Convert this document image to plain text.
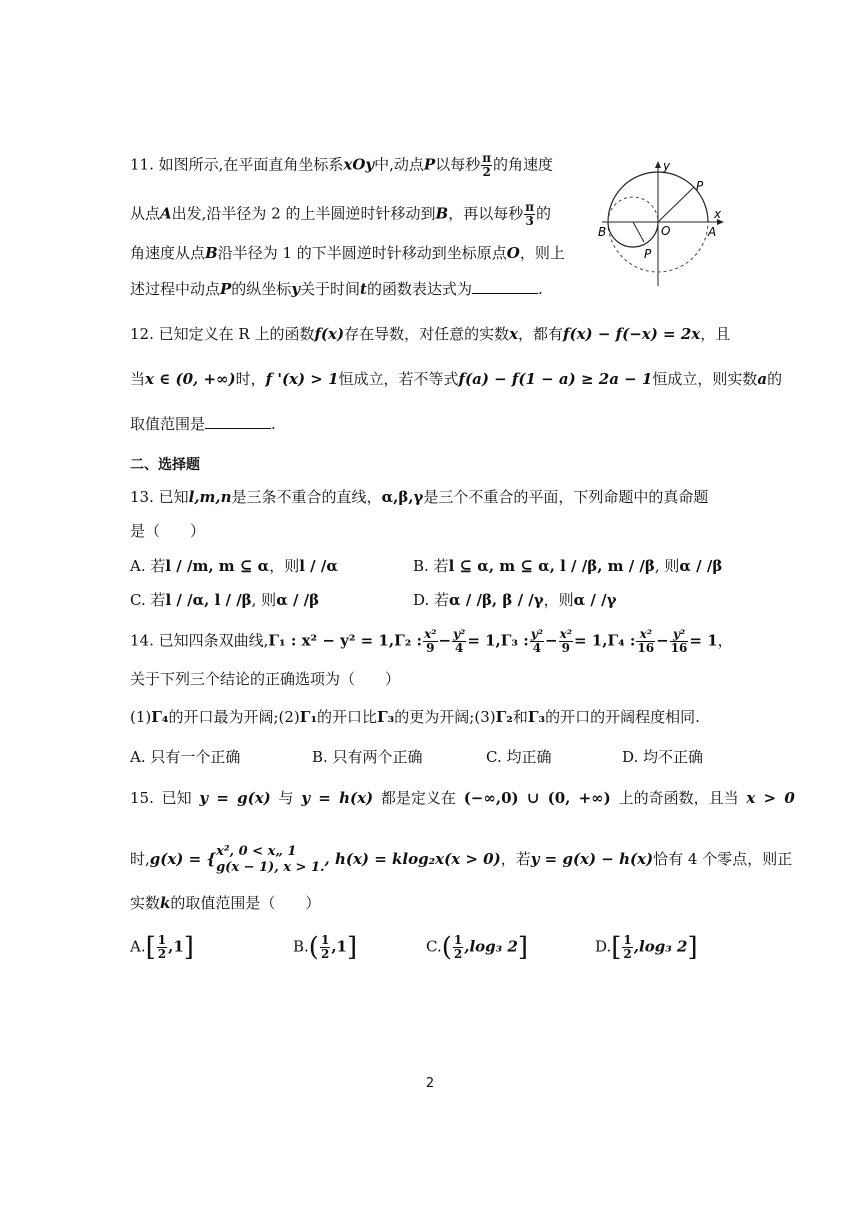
11. 如图所示,在平面直角坐标系xOy中,动点P以每秒 $\frac{\pi}{2}$ 的角速度
从点A出发,沿半径为 2 的上半圆逆时针移动到B，再以每秒 $\frac{\pi}{3}$ 的
角速度从点B沿半径为 1 的下半圆逆时针移动到坐标原点O，则上
述过程中动点P的纵坐标y关于时间t的函数表达式为	.
y
x
P
P
O	A
B
12. 已知定义在 R 上的函数f(x)存在导数，对任意的实数x，都有f(x) − f(−x) = 2x，且
当x ∈ (0, +∞)时，f '(x) > 1恒成立，若不等式f(a) − f(1 − a) ≥ 2a − 1恒成立，则实数a的
取值范围是	.
二、选择题
13. 已知l,m,n是三条不重合的直线，α,β,γ是三个不重合的平面，下列命题中的真命题
是（　　）
A. 若l / /m, m ⊆ α，则l / /α	B. 若l ⊆ α, m ⊆ α, l / /β, m / /β, 则α / /β
C. 若l / /α, l / /β, 则α / /β	D. 若α / /β, β / /γ，则α / /γ
14. 已知四条双曲线,Γ₁ : x² − y² = 1,Γ₂ : $\frac{\text{x²}}{9} - \frac{\text{y²}}{4} = 1,\Gamma_3$ : $\frac{\text{y²}}{4} - \frac{\text{x²}}{9} = 1,\Gamma_4$ : $\frac{\text{x²}}{16} - \frac{\text{y²}}{16} = 1$，
关于下列三个结论的正确选项为（　　）
(1)Γ₄的开口最为开阔;(2)Γ₁的开口比Γ₃的更为开阔;(3)Γ₂和Γ₃的开口的开阔程度相同.
A. 只有一个正确	B. 只有两个正确	C. 均正确	D. 均不正确
15. 已知 y = g(x) 与 y = h(x) 都是定义在 (−∞,0) ∪ (0, +∞) 上的奇函数，且当 x > 0
时,g(x) = { x², 0 < x„ 1
g(x − 1), x > 1. , h(x) = klog₂x(x > 0)，若y = g(x) − h(x)恰有 4 个零点，则正
实数k的取值范围是（　　）
$A.[ \frac{1}{2} ,1]$	$B.( \frac{1}{2} ,1]$	$C.( \frac{1}{2} ,\log_3$ 2]	$D.[ \frac{1}{2} ,\log_3$ 2]
2
